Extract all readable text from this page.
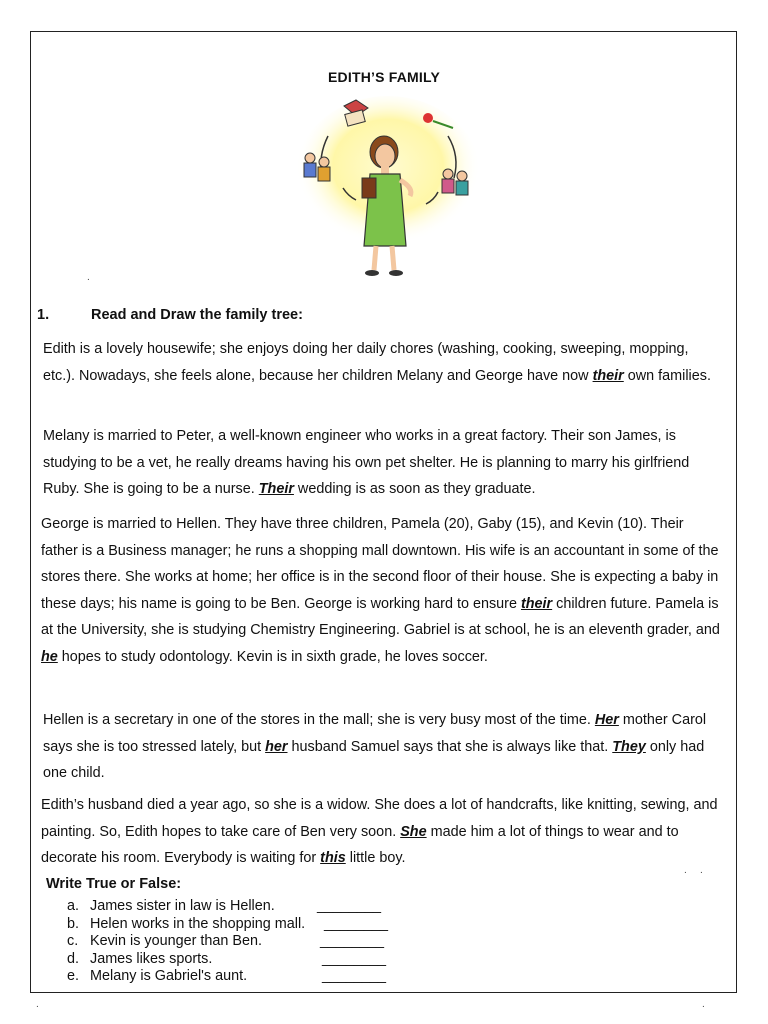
EDITH’S FAMILY
.
1.	Read and Draw the family tree:
Edith is a lovely housewife; she enjoys doing her daily chores (washing, cooking, sweeping, mopping, etc.). Nowadays, she feels alone, because her children Melany and George have now their own families.
Melany is married to Peter, a well-known engineer who works in a great factory. Their son James, is studying to be a vet, he really dreams having his own pet shelter. He is planning to marry his girlfriend Ruby. She is going to be a nurse. Their wedding is as soon as they graduate.
George is married to Hellen. They have three children, Pamela (20), Gaby (15), and Kevin (10). Their father is a Business manager; he runs a shopping mall downtown. His wife is an accountant in some of the stores there. She works at home; her office is in the second floor of their house. She is expecting a baby in these days; his name is going to be Ben. George is working hard to ensure their children future. Pamela is at the University, she is studying Chemistry Engineering. Gabriel is at school, he is an eleventh grader, and he hopes to study odontology. Kevin is in sixth grade, he loves soccer.
Hellen is a secretary in one of the stores in the mall; she is very busy most of the time. Her mother Carol says she is too stressed lately, but her husband Samuel says that she is always like that. They only had one child.
Edith’s husband died a year ago, so she is a widow. She does a lot of handcrafts, like knitting, sewing, and painting. So, Edith hopes to take care of Ben very soon. She made him a lot of things to wear and to decorate his room. Everybody is waiting for this little boy.
. .
Write True or False:
a. James sister in law is Hellen.	________
b. Helen works in the shopping mall. ________
c. Kevin is younger than Ben.	________
d. James likes sports.	________
e. Melany is Gabriel's aunt.	________
.	.
